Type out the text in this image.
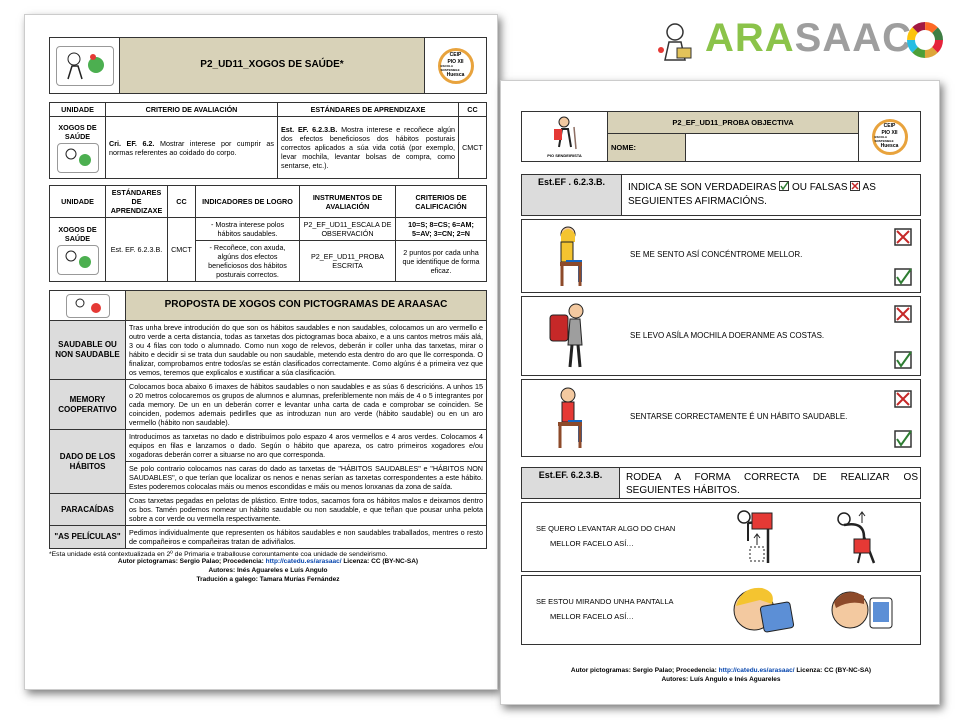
ARASAAC
	P2_UD11_XOGOS DE SAÚDE*	
CEIP
PIO XII
ESCOLA SOSTENIBLE
Huesca
UNIDADE	CRITERIO DE AVALIACIÓN	ESTÁNDARES DE APRENDIZAXE	CC

XOGOS DE SAÚDE	Cri. EF. 6.2. Mostrar interese por cumprir as normas referentes ao coidado do corpo.	Est. EF. 6.2.3.B. Mostra interese e recoñece algún dos efectos beneficiosos dos hábitos posturais correctos aplicados a súa vida cotiá (por exemplo, levar mochila, levantar bolsas de compra, como sentarse, etc.).	CMCT
UNIDADE	ESTÁNDARES DE APRENDIZAXE	CC	INDICADORES DE LOGRO	INSTRUMENTOS DE AVALIACIÓN	CRITERIOS DE CALIFICACIÓN

XOGOS DE SAÚDE	Est. EF. 6.2.3.B.	CMCT	- Mostra interese polos hábitos saudables.	P2_EF_UD11_ESCALA DE OBSERVACIÓN	10=S; 8=CS; 6=AM; 5=AV; 3=CN; 2=N
			- Recoñece, con axuda, algúns dos efectos beneficiosos dos hábitos posturais correctos.	P2_EF_UD11_PROBA ESCRITA	2 puntos por cada unha que identifique de forma eficaz.
	PROPOSTA DE XOGOS CON PICTOGRAMAS DE ARAASAC
SAUDABLE OU NON SAUDABLE	Tras unha breve introdución do que son os hábitos saudables e non saudables, colocamos un aro vermello e outro verde a certa distancia, todas as tarxetas dos pictogramas boca abaixo, e a uns cantos metros máis alá, 3 ou 4 filas con todo o alumnado. Como nun xogo de relevos, deberán ir coller unha das tarxetas, mirar o hábito e decidir si se trata dun saudable ou non saudable, metendo esta dentro do aro que lle corresponda. O finalizar, comprobamos entre todos/as se están clasificados correctamente. Como algúns é a primeira vez que os vemos, teremos que explicalos e xustificar a súa clasificación.
MEMORY COOPERATIVO	Colocamos boca abaixo 6 imaxes de hábitos saudables o non saudables e as súas 6 descricións. A unhos 15 o 20 metros colocaremos os grupos de alumnos e alumnas, preferiblemente non máis de 4 o 5 integrantes por cada memory. De un en un deberán correr e levantar unha carta de cada e comprobar se coinciden. Se coinciden, podemos ademais pedirlles que as introduzan nun aro verde (hábito saudable) ou en un aro vermello (hábito non saudable).
DADO DE LOS HÁBITOS	Introducimos as tarxetas no dado e distribuímos polo espazo 4 aros vermellos e 4 aros verdes. Colocamos 4 equipos en filas e lanzamos o dado. Según o hábito que apareza, os catro primeiros xogadores e/ou xogadoras deberán correr a situarse no aro que corresponda.
	Se polo contrario colocamos nas caras do dado as tarxetas de "HÁBITOS SAUDABLES" e "HÁBITOS NON SAUDABLES", o que terían que localizar os nenos e nenas serían as tarxetas correspondentes a este hábito. Estes poderemos colocalas máis ou menos escondidas e máis ou menos lonxanas da zona de saída.
PARACAÍDAS	Coas tarxetas pegadas en pelotas de plástico. Entre todos, sacamos fora os hábitos malos e deixamos dentro os bos. Tamén podemos nomear un hábito saudable ou non saudable, e que teñan que pousar unha pelota sobre a cor verde ou vermella respectivamente.
"AS PELÍCULAS"	Pedimos individualmente que representen os hábitos saudables e non saudables traballados, mentres o resto de compañeiros e compañeiras tratan de adiviñalos.
*Esta unidade está contextualizada en 2º de Primaria e traballouse conxuntamente coa unidade de sendeirismo.
Autor pictogramas: Sergio Palao; Procedencia: http://catedu.es/arasaac/ Licenza: CC (BY-NC-SA)
Autores: Inés Aguareles e Luís Angulo
Tradución a galego: Tamara Murías Fernández
PIO SENDEIRISTA	P2_EF_UD11_PROBA OBJECTIVA		CEIP
PIO XII
ESCOLA SOSTENIBLE
Huesca

	NOME:		
Est.EF . 6.2.3.B.	INDICA SE SON VERDADEIRAS OU FALSAS AS SEGUIENTES AFIRMACIÓNS.
SE ME SENTO ASÍ CONCÉNTROME MELLOR.
SE LEVO ASÍLA MOCHILA DOERANME AS COSTAS.
SENTARSE CORRECTAMENTE É UN HÁBITO SAUDABLE.
Est.EF. 6.2.3.B.	RODEA A FORMA CORRECTA DE REALIZAR OS SEGUIENTES HÁBITOS.
SE QUERO LEVANTAR ALGO DO CHAN
MELLOR FACELO ASÍ…
SE ESTOU MIRANDO UNHA PANTALLA
MELLOR FACELO ASÍ…
Autor pictogramas: Sergio Palao; Procedencia: http://catedu.es/arasaac/ Licenza: CC (BY-NC-SA)
Autores: Luís Angulo e Inés Aguareles
